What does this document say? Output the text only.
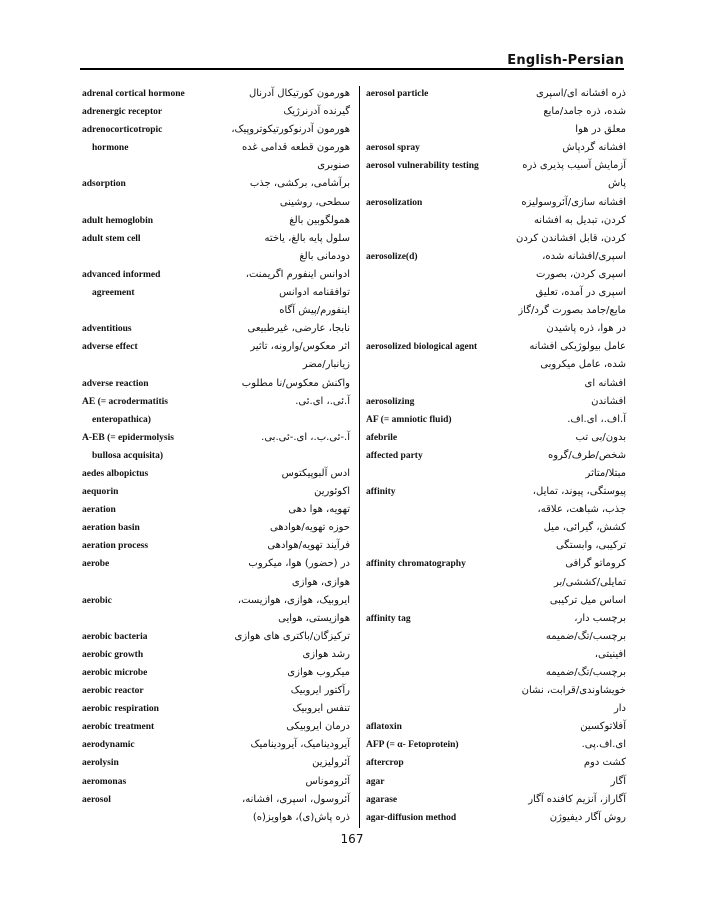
English-Persian
adrenal cortical hormone	هورمون کورتیکال آدرنال
adrenergic receptor	گیرنده آدرنرژیک
adrenocorticotropic	هورمون آدرنوکورتیکوتروپیک،
hormone	هورمون قطعه قدامی غده
صنوبری
adsorption	برآشامی، برکشی، جذب
سطحی، روشینی
adult hemoglobin	همولگوبین بالغ
adult stem cell	سلول پایه بالغ، یاخته
دودمانی بالغ
advanced informed	ادوانس اینفورم اگریمنت،
agreement	توافقنامه ادوانس
اینفورم/پیش آگاه
adventitious	نابجا، عارضی، غیرطبیعی
adverse effect	اثر معکوس/وارونه، تاثیر
زیانبار/مضر
adverse reaction	واکنش معکوس/نا مطلوب
AE (= acrodermatitis	آ.ئی.، ای.ئی.
enteropathica)
A-EB (= epidermolysis	آ.-ئی.ب.، ای.-ئی.بی.
bullosa acquisita)
aedes albopictus	ادس آلبوپیکتوس
aequorin	اکوئورین
aeration	تهویه، هوا دهی
aeration basin	حوزه تهویه/هوادهی
aeration process	فرآیند تهویه/هوادهی
aerobe	در (حضور) هوا، میکروب
هوازی، هوازی
aerobic	ایروبیک، هوازی، هوازیست،
هوازیستی، هوایی
aerobic bacteria	ترکیزگان/باکتری های هوازی
aerobic growth	رشد هوازی
aerobic microbe	میکروب هوازی
aerobic reactor	رآکتور ایروبیک
aerobic respiration	تنفس ایروبیک
aerobic treatment	درمان ایروبیکی
aerodynamic	آیرودینامیک، آیرودینامیک
aerolysin	آئرولیزین
aeromonas	آئروموناس
aerosol	آئروسول، اسپری، افشانه،
ذره پاش(ی)، هواویز(ه)
aerosol particle	ذره افشانه ای/اسپری
شده، ذره جامد/مایع
معلق در هوا
aerosol spray	افشانه گردپاش
aerosol vulnerability testing	آزمایش آسیب پذیری ذره
پاش
aerosolization	افشانه سازی/آئروسولیزه
کردن، تبدیل به افشانه
کردن، قابل افشاندن کردن
aerosolize(d)	اسپری/افشانه شده،
اسپری کردن، بصورت
اسپری در آمده، تعلیق
مایع/جامد بصورت گرد/گاز
در هوا، ذره پاشیدن
aerosolized biological agent	عامل بیولوژیکی افشانه
شده، عامل میکروبی
افشانه ای
aerosolizing	افشاندن
AF (= amniotic fluid)	آ.اف.، ای.اف.
afebrile	بدون/بی تب
affected party	شخص/طرف/گروه
مبتلا/متاثر
affinity	پیوستگی، پیوند، تمایل،
جذب، شباهت، علاقه،
کشش، گیرائی، میل
ترکیبی، وابستگی
affinity chromatography	کروماتو گرافی
تمایلی/کششی/بر
اساس میل ترکیبی
affinity tag	برچسب دار،
برچسب/تگ/ضمیمه
افینیتی،
برچسب/تگ/ضمیمه
خویشاوندی/قرابت، نشان
دار
aflatoxin	آفلاتوکسین
AFP (= α- Fetoprotein)	ای.اف.پی.
aftercrop	کشت دوم
agar	آگار
agarase	آگاراز، آنزیم کافنده آگار
agar-diffusion method	روش آگار دیفیوژن
167
